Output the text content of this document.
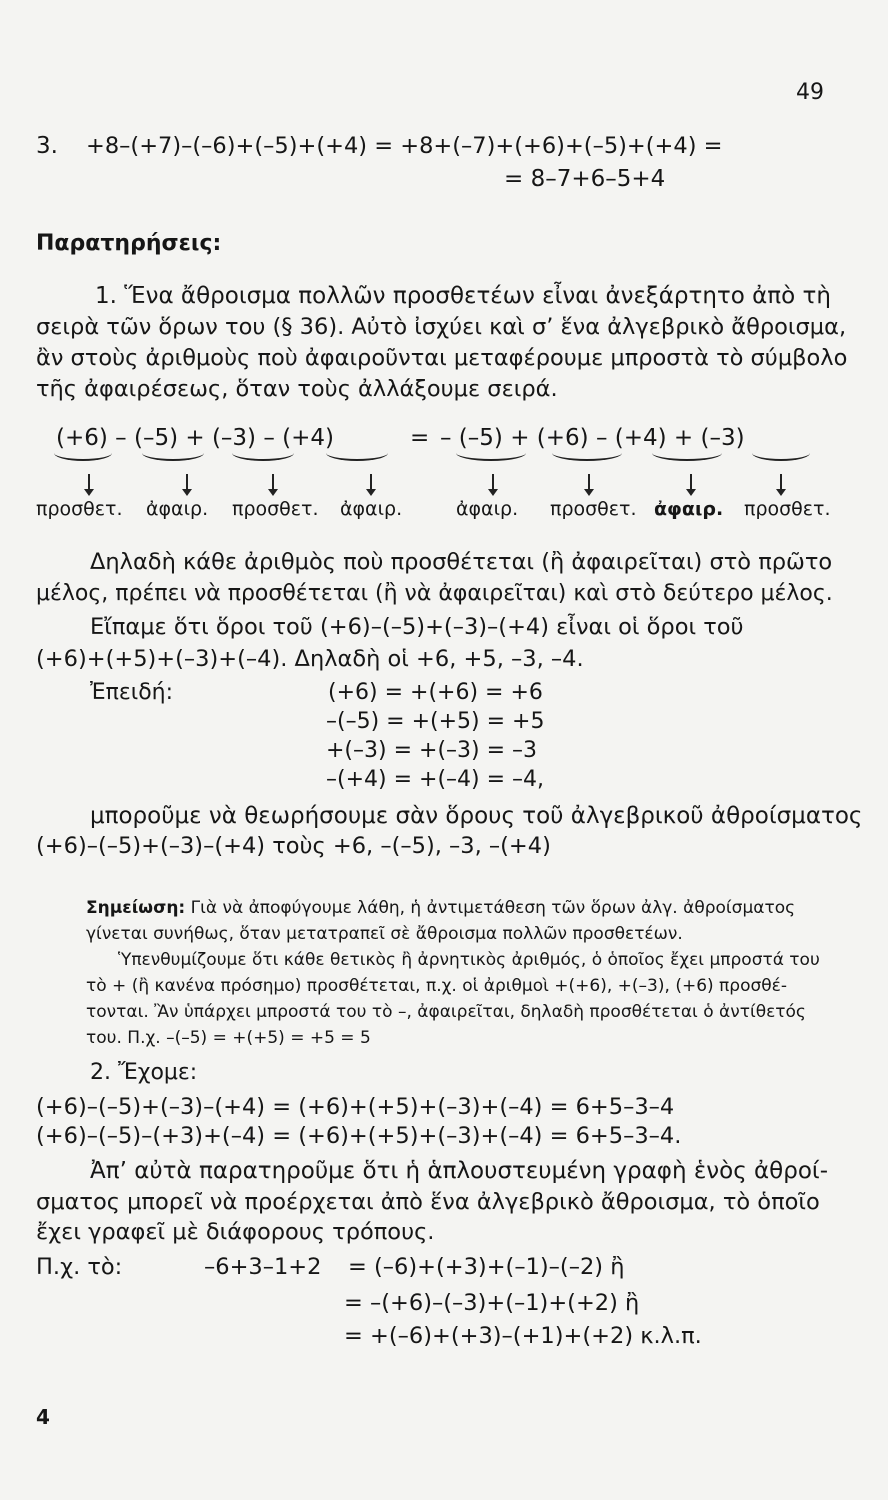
49
3. +8–(+7)–(–6)+(–5)+(+4) = +8+(–7)+(+6)+(–5)+(+4) =
= 8–7+6–5+4
Παρατηρήσεις:
1. Ἕνα ἄθροισμα πολλῶν προσθετέων εἶναι ἀνεξάρτητο ἀπὸ τὴ
σειρὰ τῶν ὅρων του (§ 36). Αὐτὸ ἰσχύει καὶ σ’ ἕνα ἀλγεβρικὸ ἄθροισμα,
ἂν στοὺς ἀριθμοὺς ποὺ ἀφαιροῦνται μεταφέρουμε μπροστὰ τὸ σύμβολο
τῆς ἀφαιρέσεως, ὅταν τοὺς ἀλλάξουμε σειρά.
(+6) – (–5) + (–3) – (+4)	= – (–5) + (+6) – (+4) + (–3)
προσθετ. ἀφαιρ. προσθετ. ἀφαιρ.	ἀφαιρ. προσθετ. ἀφαιρ. προσθετ.
Δηλαδὴ κάθε ἀριθμὸς ποὺ προσθέτεται (ἢ ἀφαιρεῖται) στὸ πρῶτο
μέλος, πρέπει νὰ προσθέτεται (ἢ νὰ ἀφαιρεῖται) καὶ στὸ δεύτερο μέλος.
Εἴπαμε ὅτι ὅροι τοῦ (+6)–(–5)+(–3)–(+4) εἶναι οἱ ὅροι τοῦ
(+6)+(+5)+(–3)+(–4). Δηλαδὴ οἱ +6, +5, –3, –4.
Ἐπειδή:	(+6) = +(+6) = +6
–(–5) = +(+5) = +5
+(–3) = +(–3) = –3
–(+4) = +(–4) = –4,
μποροῦμε νὰ θεωρήσουμε σὰν ὅρους τοῦ ἀλγεβρικοῦ ἀθροίσματος
(+6)–(–5)+(–3)–(+4) τοὺς +6, –(–5), –3, –(+4)
Σημείωση: Γιὰ νὰ ἀποφύγουμε λάθη, ἡ ἀντιμετάθεση τῶν ὅρων ἀλγ. ἀθροίσματος
γίνεται συνήθως, ὅταν μετατραπεῖ σὲ ἄθροισμα πολλῶν προσθετέων.
Ὑπενθυμίζουμε ὅτι κάθε θετικὸς ἢ ἀρνητικὸς ἀριθμός, ὁ ὁποῖος ἔχει μπροστά του
τὸ + (ἢ κανένα πρόσημο) προσθέτεται, π.χ. οἱ ἀριθμοὶ +(+6), +(–3), (+6) προσθέ-
τονται. Ἂν ὑπάρχει μπροστά του τὸ –, ἀφαιρεῖται, δηλαδὴ προσθέτεται ὁ ἀντίθετός
του. Π.χ. –(–5) = +(+5) = +5 = 5
2. Ἔχομε:
(+6)–(–5)+(–3)–(+4) = (+6)+(+5)+(–3)+(–4) = 6+5–3–4
(+6)–(–5)–(+3)+(–4) = (+6)+(+5)+(–3)+(–4) = 6+5–3–4.
Ἀπ’ αὐτὰ παρατηροῦμε ὅτι ἡ ἁπλουστευμένη γραφὴ ἑνὸς ἀθροί-
σματος μπορεῖ νὰ προέρχεται ἀπὸ ἕνα ἀλγεβρικὸ ἄθροισμα, τὸ ὁποῖο
ἔχει γραφεῖ μὲ διάφορους τρόπους.
Π.χ. τὸ:	–6+3–1+2 = (–6)+(+3)+(–1)–(–2) ἢ
= –(+6)–(–3)+(–1)+(+2) ἢ
= +(–6)+(+3)–(+1)+(+2) κ.λ.π.
4
